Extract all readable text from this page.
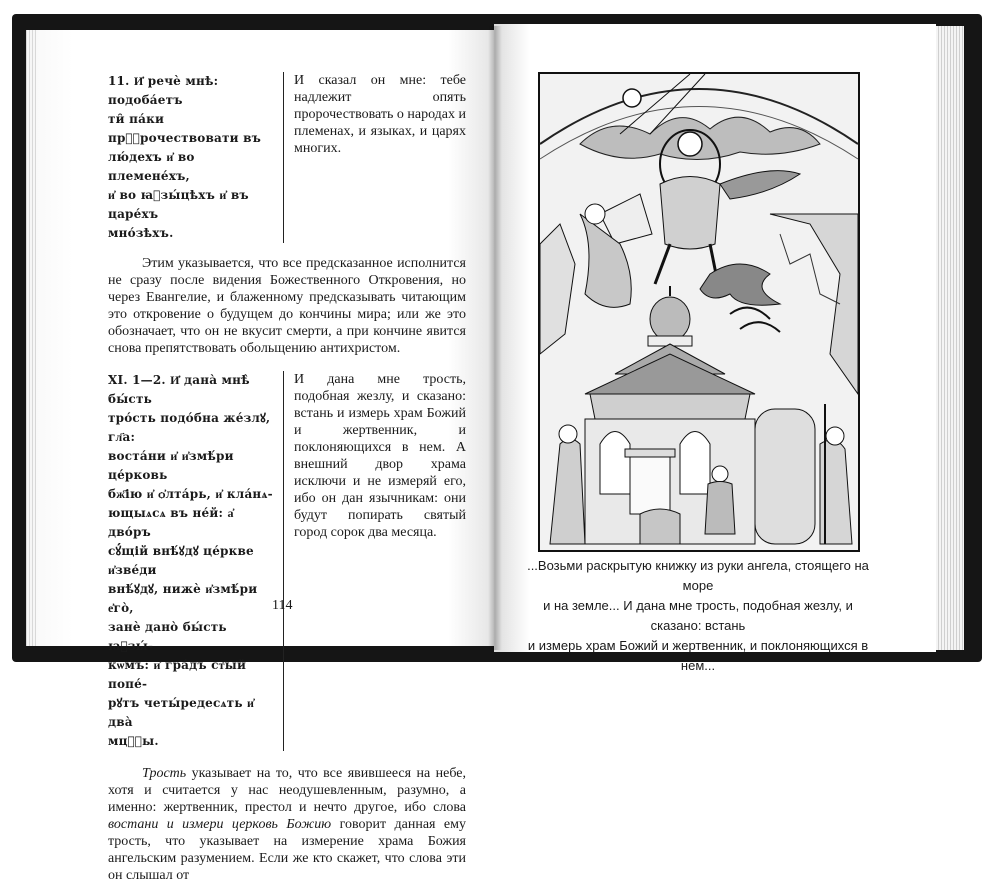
11. И҆ речѐ мнѣ: подоба́етъ
ти̑ па́ки прⷪ҇рочествовати въ
лю́дехъ и҆ во племене́хъ,
и҆ во ꙗ҆зы́цѣхъ и҆ въ царе́хъ
мно́зѣхъ.
И сказал он мне: тебе надлежит опять пророчествовать о народах и племенах, и языках, и царях многих.

Этим указывается, что все предсказанное исполнится не сразу после видения Божественного Откровения, но через Евангелие, и блаженному предсказывать читающим это откровение о будущем до кончины мира; или же это обозначает, что он не вкусит смерти, а при кончине явится снова препятствовать обольщению антихристом.

XI. 1—2. И҆ дана̀ мнѣ̀ бы́сть
тро́сть подо́бна же́злꙋ, гл҃а:
воста́ни и҆ и҆змѣ́ри це́рковь
бж҃ію и҆ ѻ҆лта́рь, и҆ кла́нѧ-
ющыѧсѧ въ не́й: а҆ дво́ръ
сꙋ́щій внѣ́ꙋдꙋ це́ркве и҆зве́ди
внѣ́ꙋдꙋ, нижѐ и҆змѣ́ри е҆го̀,
занѐ дано̀ бы́сть ꙗ҆зы́-
кѡмъ: и҆ гра́дъ ст҃ый попе́-
рꙋтъ четы́редесѧть и҆ два̀
мцⷭ҇ы.
И дана мне трость, подобная жезлу, и сказано: встань и измерь храм Божий и жертвенник, и поклоняющихся в нем. А внешний двор храма исключи и не измеряй его, ибо он дан язычникам: они будут попирать святый город сорок два месяца.

Трость указывает на то, что все явившееся на небе, хотя и считается у нас неодушевленным, разумно, а именно: жертвенник, престол и нечто другое, ибо слова востани и измери церковь Божию говорит данная ему трость, что указывает на измерение храма Божия ангельским разумением. Если же кто скажет, что слова эти он слышал от

114
...Возьми раскрытую книжку из руки ангела, стоящего на море
и на земле... И дана мне трость, подобная жезлу, и сказано: встань
и измерь храм Божий и жертвенник, и поклоняющихся в нем...
